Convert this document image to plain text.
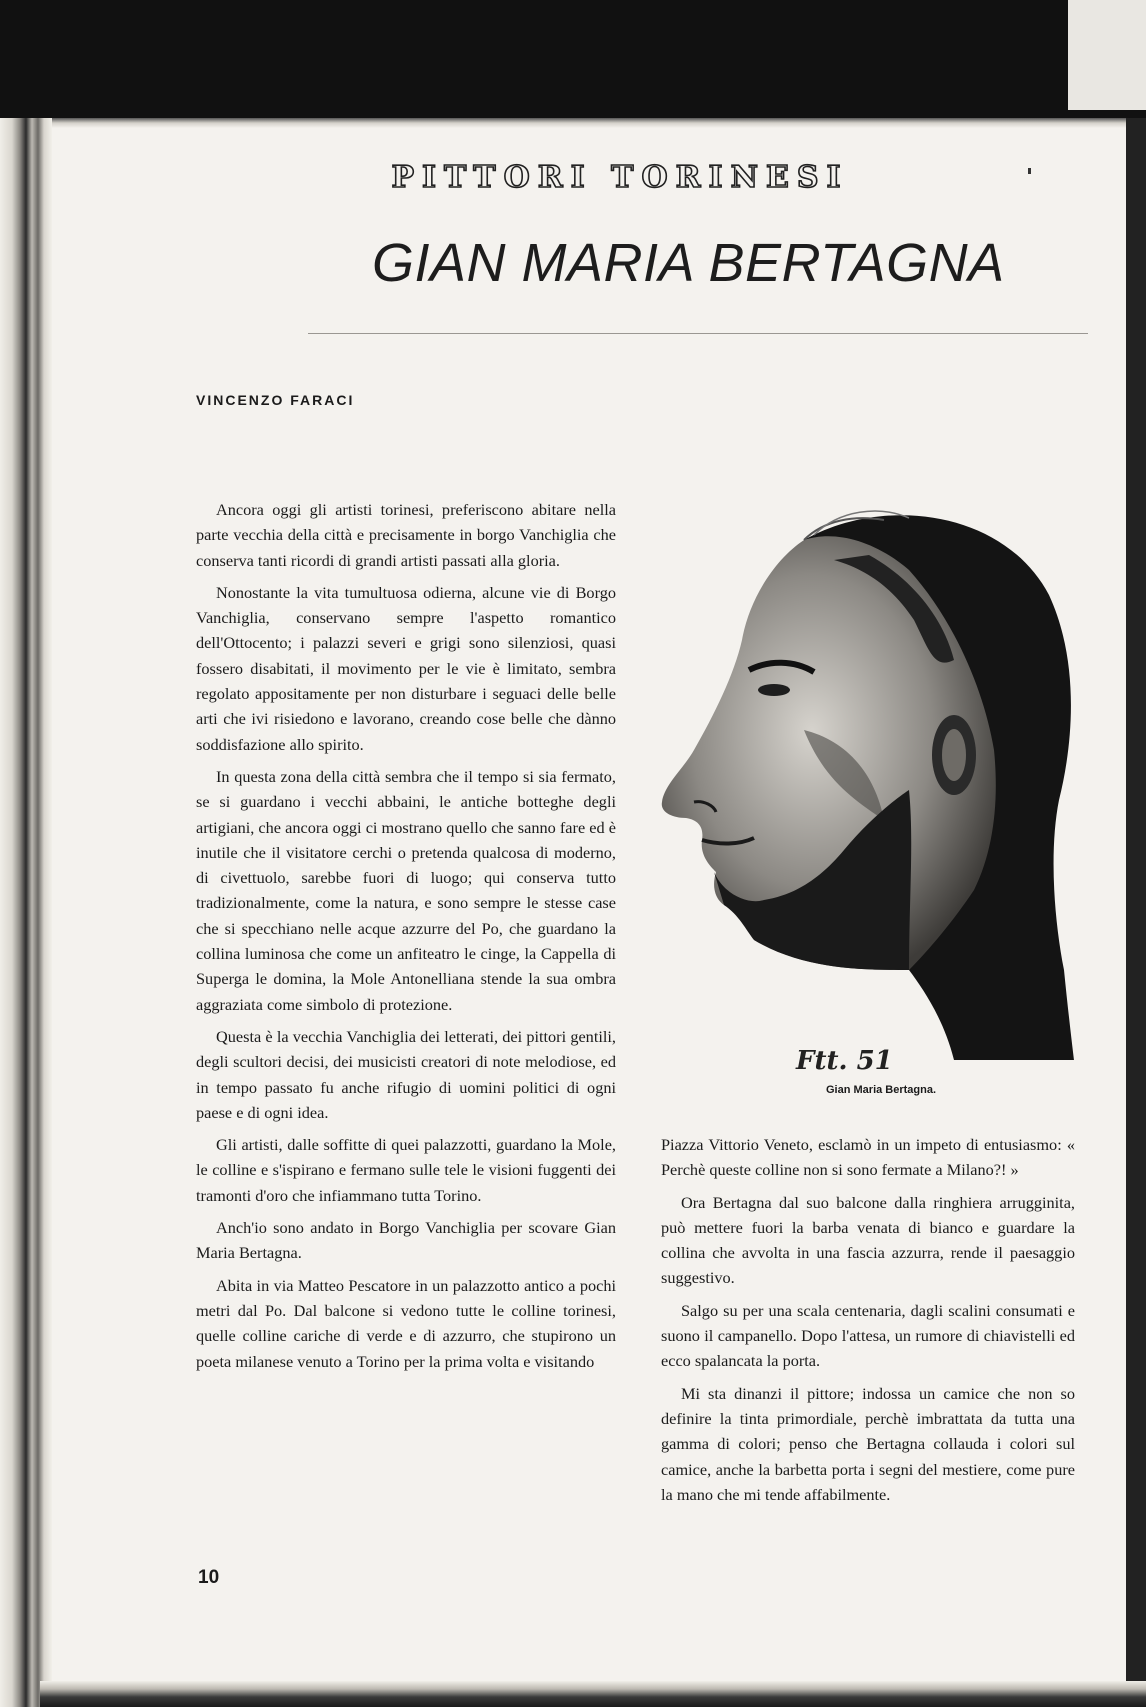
PITTORI TORINESI
GIAN MARIA BERTAGNA
VINCENZO FARACI

Ancora oggi gli artisti torinesi, preferiscono abitare nella parte vecchia della città e precisamente in borgo Vanchiglia che conserva tanti ricordi di grandi artisti passati alla gloria.

Nonostante la vita tumultuosa odierna, alcune vie di Borgo Vanchiglia, conservano sempre l'aspetto romantico dell'Ottocento; i palazzi severi e grigi sono silenziosi, quasi fossero disabitati, il movimento per le vie è limitato, sembra regolato appositamente per non disturbare i seguaci delle belle arti che ivi risiedono e lavorano, creando cose belle che dànno soddisfazione allo spirito.

In questa zona della città sembra che il tempo si sia fermato, se si guardano i vecchi abbaini, le antiche botteghe degli artigiani, che ancora oggi ci mostrano quello che sanno fare ed è inutile che il visitatore cerchi o pretenda qualcosa di moderno, di civettuolo, sarebbe fuori di luogo; qui conserva tutto tradizionalmente, come la natura, e sono sempre le stesse case che si specchiano nelle acque azzurre del Po, che guardano la collina luminosa che come un anfiteatro le cinge, la Cappella di Superga le domina, la Mole Antonelliana stende la sua ombra aggraziata come simbolo di protezione.

Questa è la vecchia Vanchiglia dei letterati, dei pittori gentili, degli scultori decisi, dei musicisti creatori di note melodiose, ed in tempo passato fu anche rifugio di uomini politici di ogni paese e di ogni idea.

Gli artisti, dalle soffitte di quei palazzotti, guardano la Mole, le colline e s'ispirano e fermano sulle tele le visioni fuggenti dei tramonti d'oro che infiammano tutta Torino.

Anch'io sono andato in Borgo Vanchiglia per scovare Gian Maria Bertagna.

Abita in via Matteo Pescatore in un palazzotto antico a pochi metri dal Po. Dal balcone si vedono tutte le colline torinesi, quelle colline cariche di verde e di azzurro, che stupirono un poeta milanese venuto a Torino per la prima volta e visitando

Ftt. 51
Gian Maria Bertagna.

Piazza Vittorio Veneto, esclamò in un impeto di entusiasmo: « Perchè queste colline non si sono fermate a Milano?! »

Ora Bertagna dal suo balcone dalla ringhiera arrugginita, può mettere fuori la barba venata di bianco e guardare la collina che avvolta in una fascia azzurra, rende il paesaggio suggestivo.

Salgo su per una scala centenaria, dagli scalini consumati e suono il campanello. Dopo l'attesa, un rumore di chiavistelli ed ecco spalancata la porta.

Mi sta dinanzi il pittore; indossa un camice che non so definire la tinta primordiale, perchè imbrattata da tutta una gamma di colori; penso che Bertagna collauda i colori sul camice, anche la barbetta porta i segni del mestiere, come pure la mano che mi tende affabilmente.

10
